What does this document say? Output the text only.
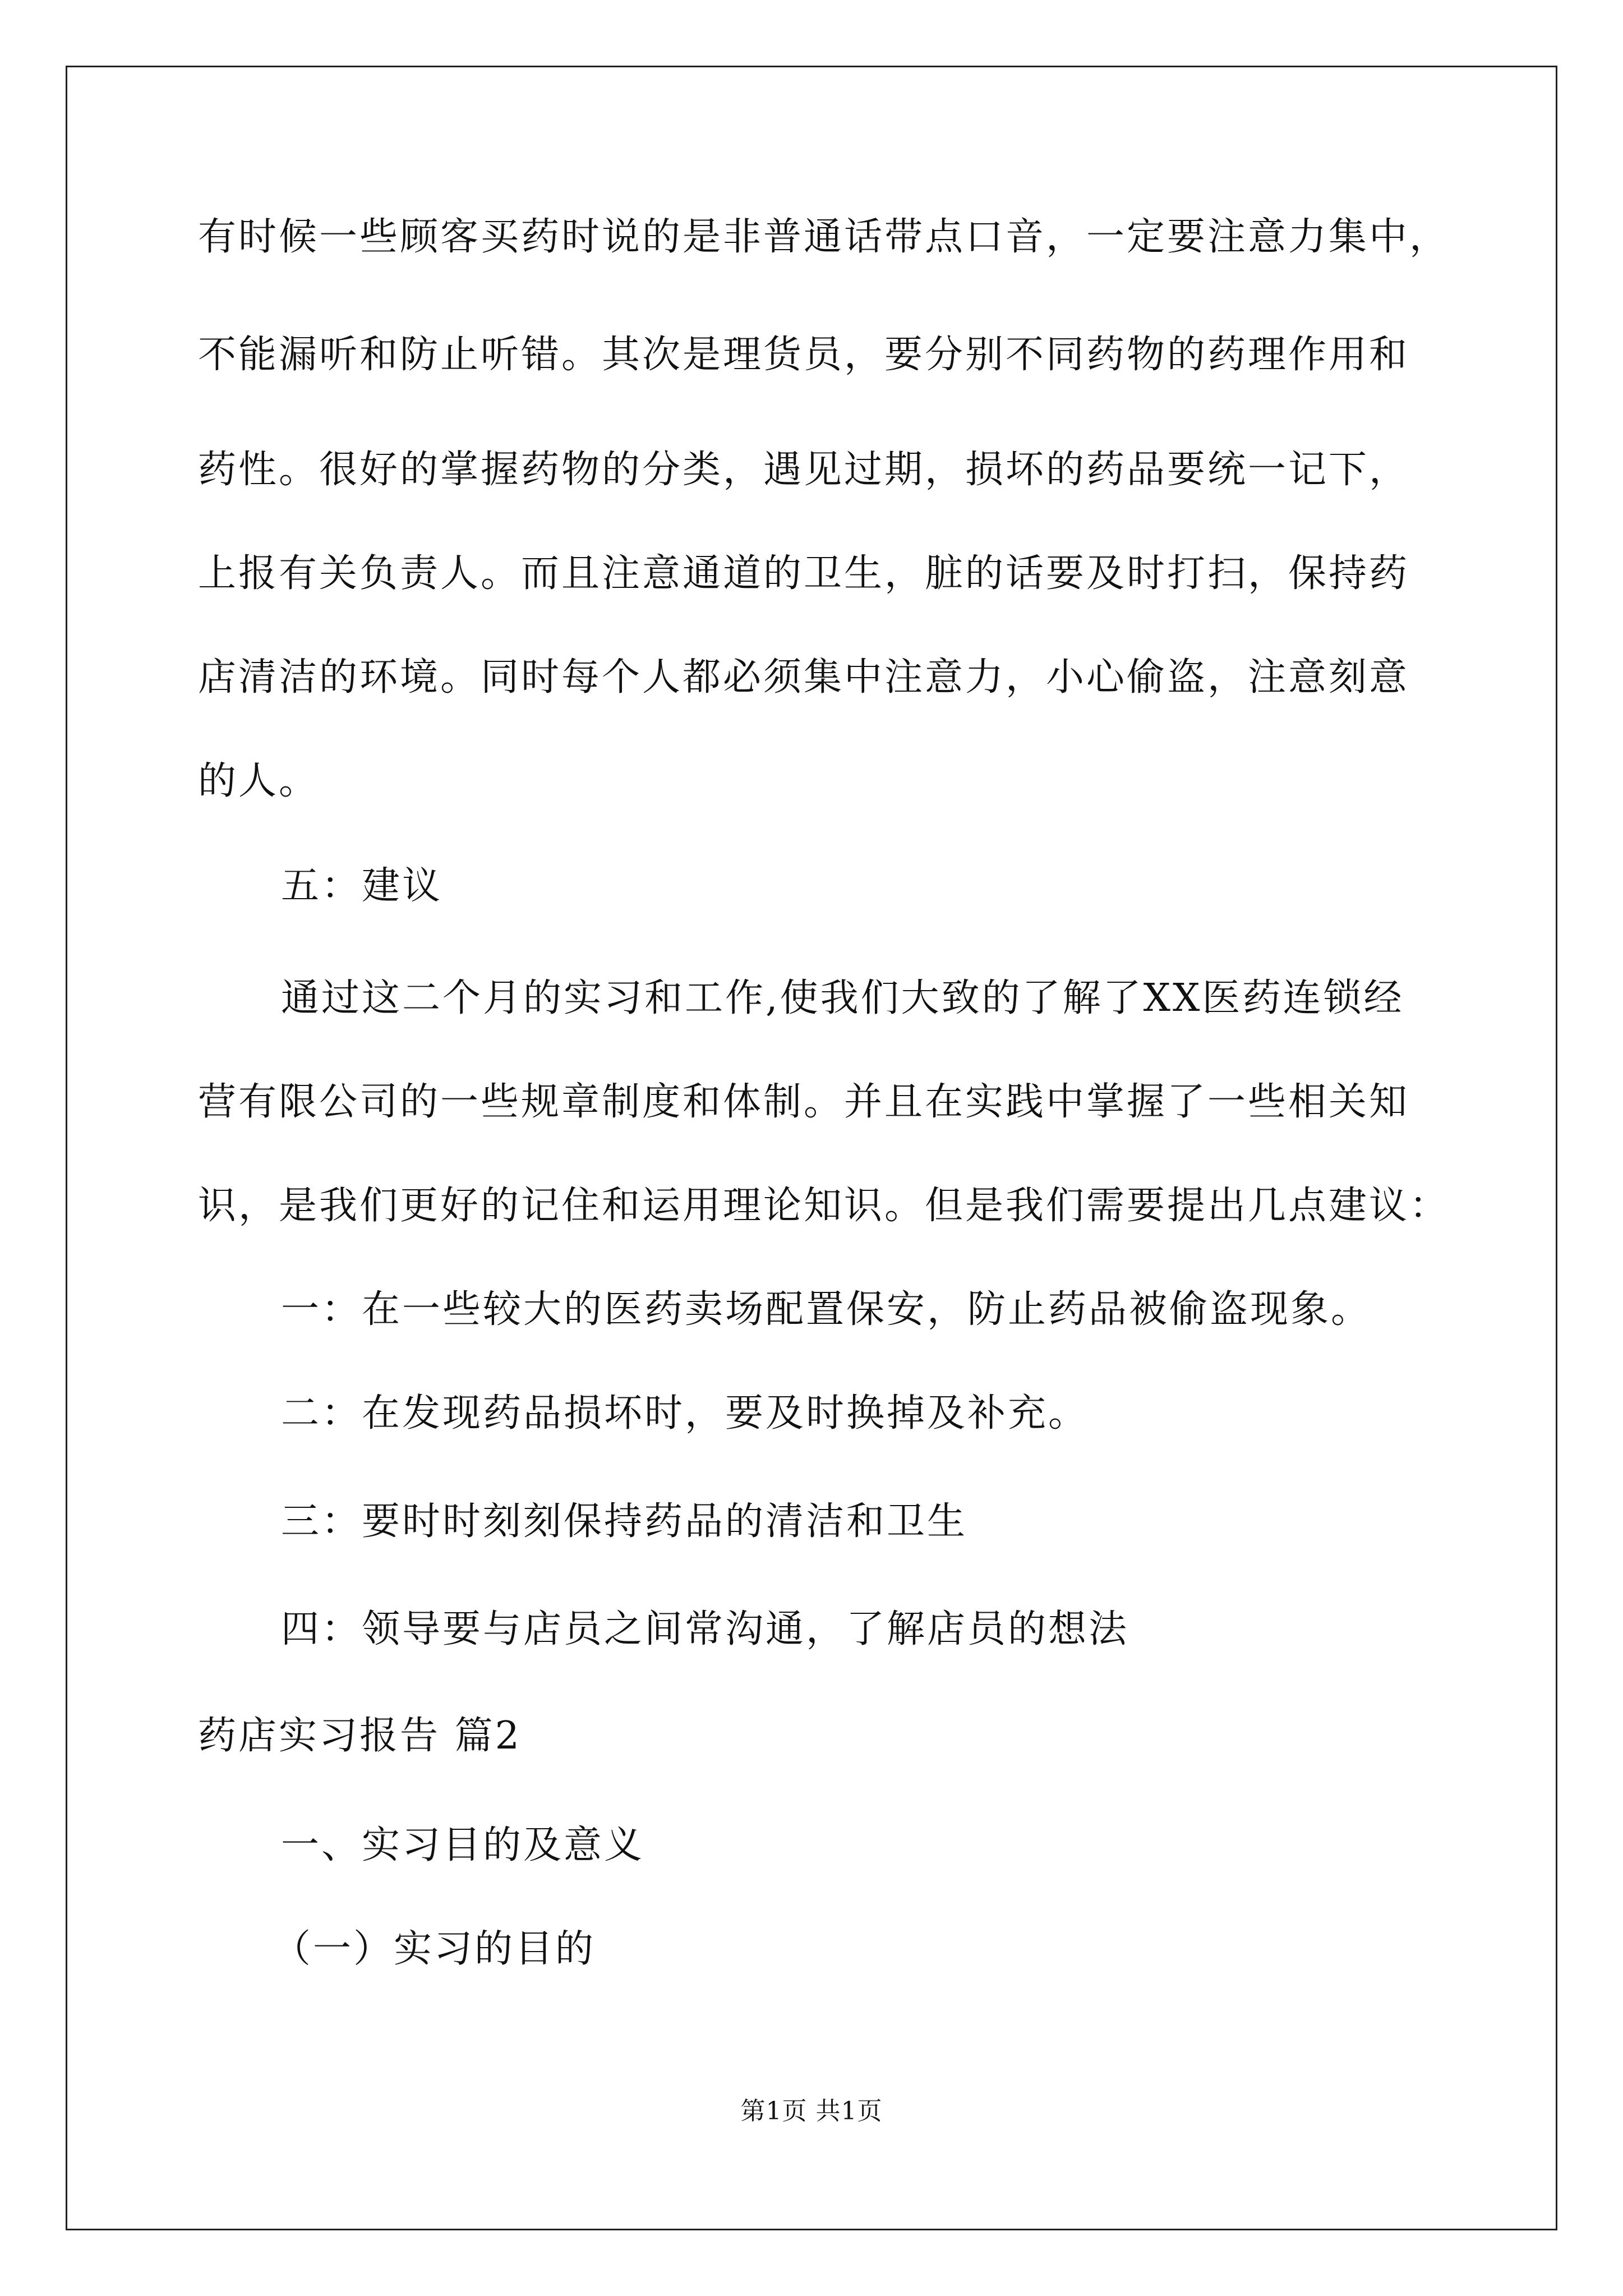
有时候一些顾客买药时说的是非普通话带点口音，一定要注意力集中，
不能漏听和防止听错。其次是理货员，要分别不同药物的药理作用和
药性。很好的掌握药物的分类，遇见过期，损坏的药品要统一记下，
上报有关负责人。而且注意通道的卫生，脏的话要及时打扫，保持药
店清洁的环境。同时每个人都必须集中注意力，小心偷盗，注意刻意
的人。
五：建议
通过这二个月的实习和工作,使我们大致的了解了XX医药连锁经
营有限公司的一些规章制度和体制。并且在实践中掌握了一些相关知
识，是我们更好的记住和运用理论知识。但是我们需要提出几点建议：
一：在一些较大的医药卖场配置保安，防止药品被偷盗现象。
二：在发现药品损坏时，要及时换掉及补充。
三：要时时刻刻保持药品的清洁和卫生
四：领导要与店员之间常沟通，了解店员的想法
药店实习报告 篇2
一、实习目的及意义
（一）实习的目的
第1页 共1页
